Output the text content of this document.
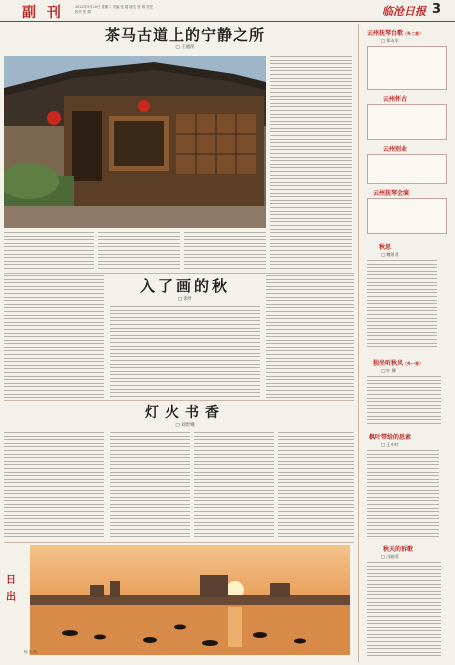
副 刊	2022年9月20日 星期二 责编 张 娟 版式 张 娟 责任 校对 张 娟	临沧日报 3
茶马古道上的宁静之所
□ 王丽萍
入了画的秋
□ 余叶
灯火书香
□ 刘贵娥
日出
杨 庆 摄
云州抚琴台歌（外二首）
□ 郑永军
云州怀古
云州别业
云州抚琴会演
秋思
□ 魏景君
独坐听秋风（外一首）
□ 叶 柳
枫叶带给的思索
□ 王中红
秋天的诉歌
□ 冯晓菲
